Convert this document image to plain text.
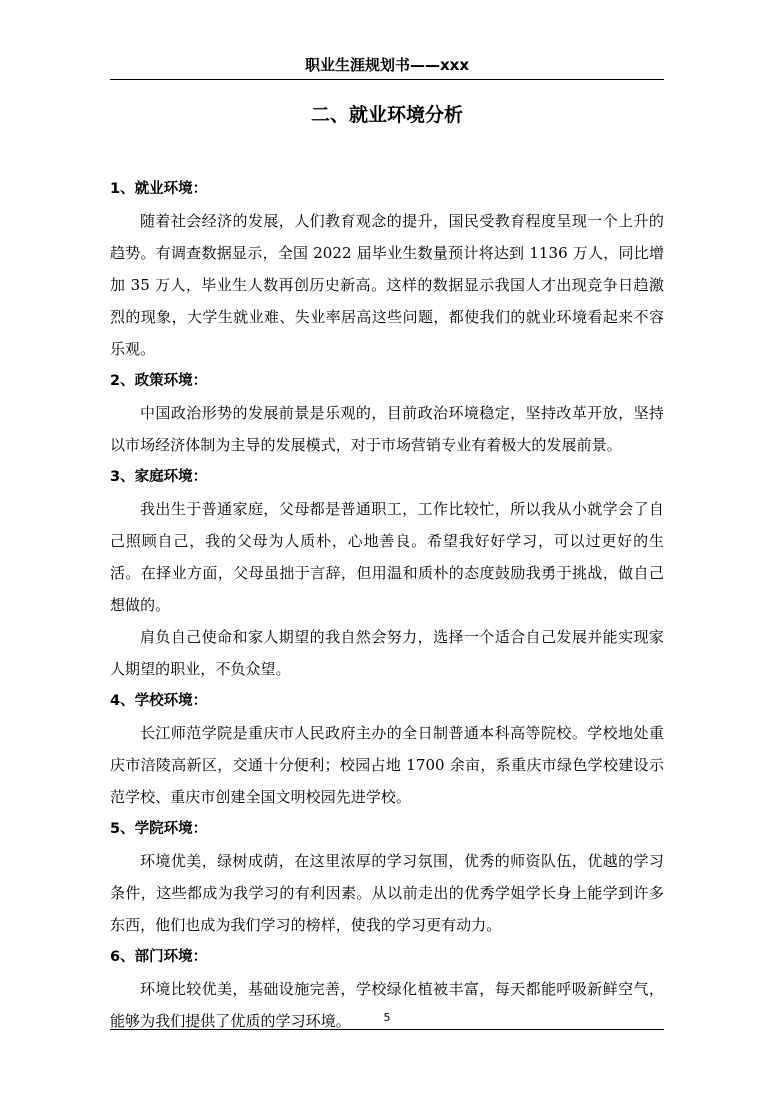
职业生涯规划书——xxx
二、就业环境分析
1、就业环境：

随着社会经济的发展，人们教育观念的提升，国民受教育程度呈现一个上升的趋势。有调查数据显示，全国 2022 届毕业生数量预计将达到 1136 万人，同比增加 35 万人，毕业生人数再创历史新高。这样的数据显示我国人才出现竞争日趋激烈的现象，大学生就业难、失业率居高这些问题，都使我们的就业环境看起来不容乐观。

2、政策环境：

中国政治形势的发展前景是乐观的，目前政治环境稳定，坚持改革开放，坚持以市场经济体制为主导的发展模式，对于市场营销专业有着极大的发展前景。

3、家庭环境：

我出生于普通家庭，父母都是普通职工，工作比较忙，所以我从小就学会了自己照顾自己，我的父母为人质朴，心地善良。希望我好好学习，可以过更好的生活。在择业方面，父母虽拙于言辞，但用温和质朴的态度鼓励我勇于挑战，做自己想做的。

肩负自己使命和家人期望的我自然会努力，选择一个适合自己发展并能实现家人期望的职业，不负众望。

4、学校环境：

长江师范学院是重庆市人民政府主办的全日制普通本科高等院校。学校地处重庆市涪陵高新区，交通十分便利；校园占地 1700 余亩，系重庆市绿色学校建设示范学校、重庆市创建全国文明校园先进学校。

5、学院环境：

环境优美，绿树成荫，在这里浓厚的学习氛围，优秀的师资队伍，优越的学习条件，这些都成为我学习的有利因素。从以前走出的优秀学姐学长身上能学到许多东西，他们也成为我们学习的榜样，使我的学习更有动力。

6、部门环境：

环境比较优美，基础设施完善，学校绿化植被丰富，每天都能呼吸新鲜空气，能够为我们提供了优质的学习环境。	5
